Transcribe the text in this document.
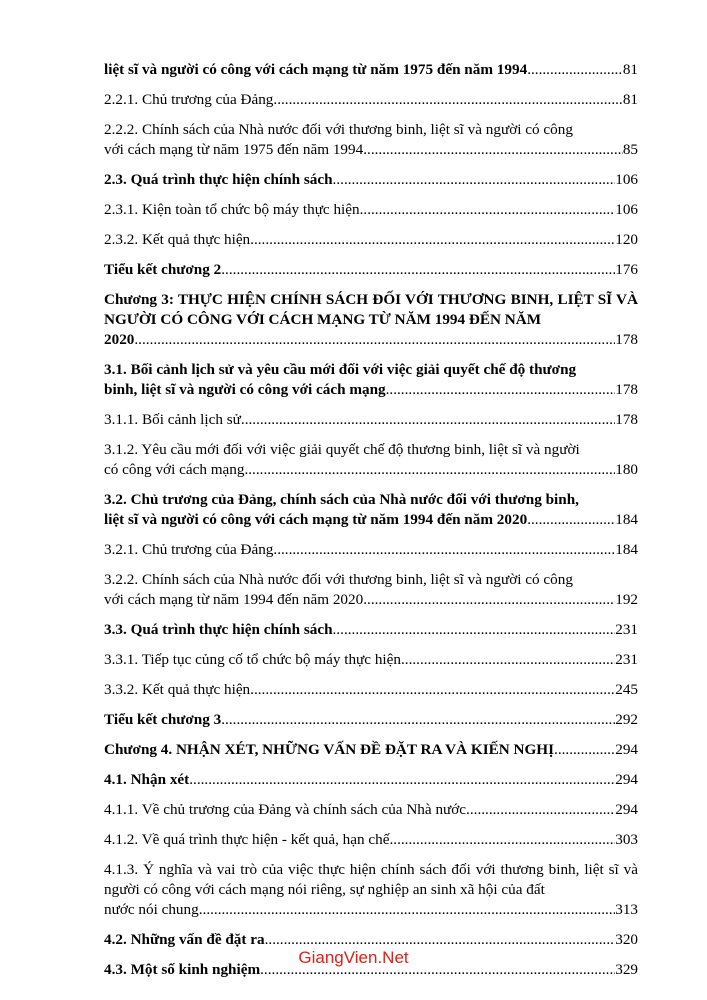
liệt sĩ và người có công với cách mạng từ năm 1975 đến năm 1994 .....	81
2.2.1. Chủ trương của Đảng .....	81
2.2.2. Chính sách của Nhà nước đối với thương binh, liệt sĩ và người có công
với cách mạng từ năm 1975 đến năm 1994 .....	85
2.3. Quá trình thực hiện chính sách .....	106
2.3.1. Kiện toàn tổ chức bộ máy thực hiện .....	106
2.3.2. Kết quả thực hiện .....	120
Tiểu kết chương 2 .....	176
Chương 3: THỰC HIỆN CHÍNH SÁCH ĐỐI VỚI THƯƠNG BINH, LIỆT SĨ VÀ NGƯỜI CÓ CÔNG VỚI CÁCH MẠNG TỪ NĂM 1994 ĐẾN NĂM
2020 .....	178
3.1. Bối cảnh lịch sử và yêu cầu mới đối với việc giải quyết chế độ thương
binh, liệt sĩ và người có công với cách mạng .....	178
3.1.1. Bối cảnh lịch sử .....	178
3.1.2. Yêu cầu mới đối với việc giải quyết chế độ thương binh, liệt sĩ và người
có công với cách mạng .....	180
3.2. Chủ trương của Đảng, chính sách của Nhà nước đối với thương binh,
liệt sĩ và người có công với cách mạng từ năm 1994 đến năm 2020 .....	184
3.2.1. Chủ trương của Đảng .....	184
3.2.2. Chính sách của Nhà nước đối với thương binh, liệt sĩ và người có công
với cách mạng từ năm 1994 đến năm 2020 .....	192
3.3. Quá trình thực hiện chính sách .....	231
3.3.1. Tiếp tục củng cố tổ chức bộ máy thực hiện .....	231
3.3.2. Kết quả thực hiện .....	245
Tiểu kết chương 3 .....	292
Chương 4. NHẬN XÉT, NHỮNG VẤN ĐỀ ĐẶT RA VÀ KIẾN NGHỊ .....	294
4.1. Nhận xét .....	294
4.1.1. Về chủ trương của Đảng và chính sách của Nhà nước .....	294
4.1.2. Về quá trình thực hiện - kết quả, hạn chế .....	303
4.1.3. Ý nghĩa và vai trò của việc thực hiện chính sách đối với thương binh, liệt sĩ và người có công với cách mạng nói riêng, sự nghiệp an sinh xã hội của đất
nước nói chung .....	313
4.2. Những vấn đề đặt ra .....	320
4.3. Một số kinh nghiệm .....	329
GiangVien.Net
